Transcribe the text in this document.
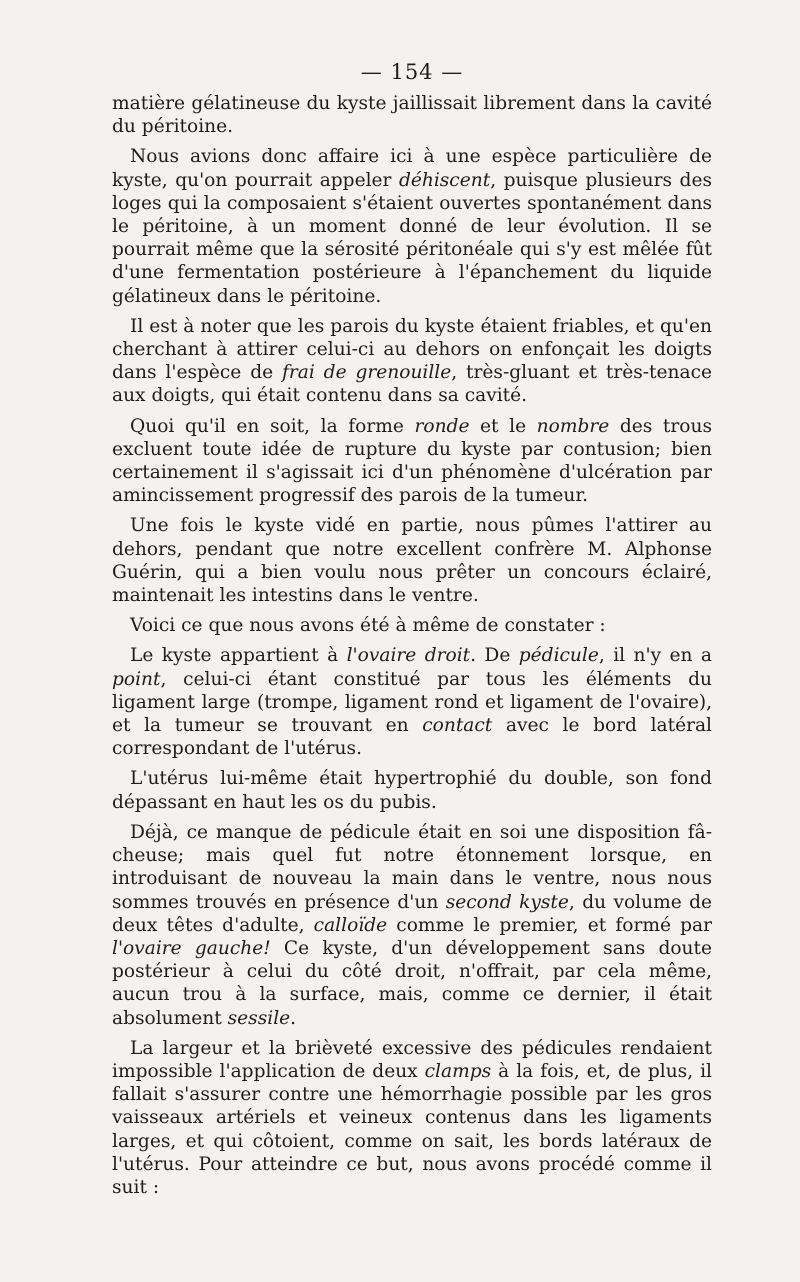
— 154 —

matière gélatineuse du kyste jaillissait librement dans la cavité du péritoine.

Nous avions donc affaire ici à une espèce particulière de kyste, qu'on pourrait appeler déhiscent, puisque plusieurs des loges qui la composaient s'étaient ouvertes spontanément dans le péritoine, à un moment donné de leur évolution. Il se pourrait même que la sérosité péritonéale qui s'y est mêlée fût d'une fermentation postérieure à l'épanchement du liquide gélatineux dans le péritoine.

Il est à noter que les parois du kyste étaient friables, et qu'en cherchant à attirer celui-ci au dehors on enfonçait les doigts dans l'espèce de frai de grenouille, très-gluant et très-tenace aux doigts, qui était contenu dans sa cavité.

Quoi qu'il en soit, la forme ronde et le nombre des trous excluent toute idée de rupture du kyste par contusion; bien certainement il s'agissait ici d'un phénomène d'ulcération par amincissement progressif des parois de la tumeur.

Une fois le kyste vidé en partie, nous pûmes l'attirer au dehors, pendant que notre excellent confrère M. Alphonse Guérin, qui a bien voulu nous prêter un concours éclairé, maintenait les intestins dans le ventre.

Voici ce que nous avons été à même de constater :

Le kyste appartient à l'ovaire droit. De pédicule, il n'y en a point, celui-ci étant constitué par tous les éléments du ligament large (trompe, ligament rond et ligament de l'ovaire), et la tumeur se trouvant en contact avec le bord latéral correspondant de l'utérus.

L'utérus lui-même était hypertrophié du double, son fond dépassant en haut les os du pubis.

Déjà, ce manque de pédicule était en soi une disposition fâcheuse; mais quel fut notre étonnement lorsque, en introduisant de nouveau la main dans le ventre, nous nous sommes trouvés en présence d'un second kyste, du volume de deux têtes d'adulte, calloïde comme le premier, et formé par l'ovaire gauche! Ce kyste, d'un développement sans doute postérieur à celui du côté droit, n'offrait, par cela même, aucun trou à la surface, mais, comme ce dernier, il était absolument sessile.

La largeur et la brièveté excessive des pédicules rendaient impossible l'application de deux clamps à la fois, et, de plus, il fallait s'assurer contre une hémorrhagie possible par les gros vaisseaux artériels et veineux contenus dans les ligaments larges, et qui côtoient, comme on sait, les bords latéraux de l'utérus. Pour atteindre ce but, nous avons procédé comme il suit :
